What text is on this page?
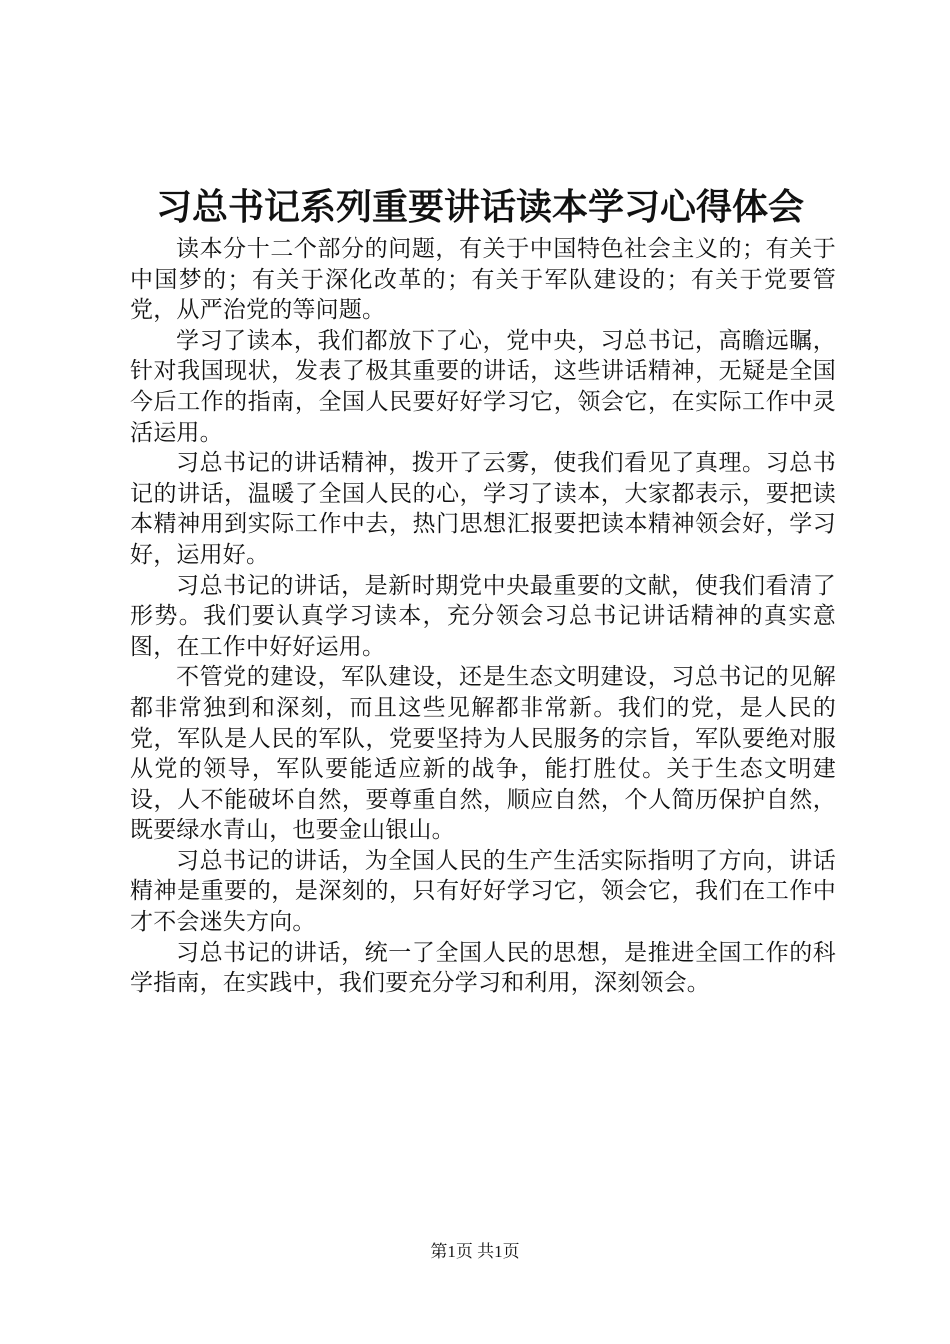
习总书记系列重要讲话读本学习心得体会

读本分十二个部分的问题，有关于中国特色社会主义的；有关于中国梦的；有关于深化改革的；有关于军队建设的；有关于党要管党，从严治党的等问题。

学习了读本，我们都放下了心，党中央，习总书记，高瞻远瞩，针对我国现状，发表了极其重要的讲话，这些讲话精神，无疑是全国今后工作的指南，全国人民要好好学习它，领会它，在实际工作中灵活运用。

习总书记的讲话精神，拨开了云雾，使我们看见了真理。习总书记的讲话，温暖了全国人民的心，学习了读本，大家都表示，要把读本精神用到实际工作中去，热门思想汇报要把读本精神领会好，学习好，运用好。

习总书记的讲话，是新时期党中央最重要的文献，使我们看清了形势。我们要认真学习读本，充分领会习总书记讲话精神的真实意图，在工作中好好运用。

不管党的建设，军队建设，还是生态文明建设，习总书记的见解都非常独到和深刻，而且这些见解都非常新。我们的党，是人民的党，军队是人民的军队，党要坚持为人民服务的宗旨，军队要绝对服从党的领导，军队要能适应新的战争，能打胜仗。关于生态文明建设，人不能破坏自然，要尊重自然，顺应自然，个人简历保护自然，既要绿水青山，也要金山银山。

习总书记的讲话，为全国人民的生产生活实际指明了方向，讲话精神是重要的，是深刻的，只有好好学习它，领会它，我们在工作中才不会迷失方向。

习总书记的讲话，统一了全国人民的思想，是推进全国工作的科学指南，在实践中，我们要充分学习和利用，深刻领会。

第1页 共1页
